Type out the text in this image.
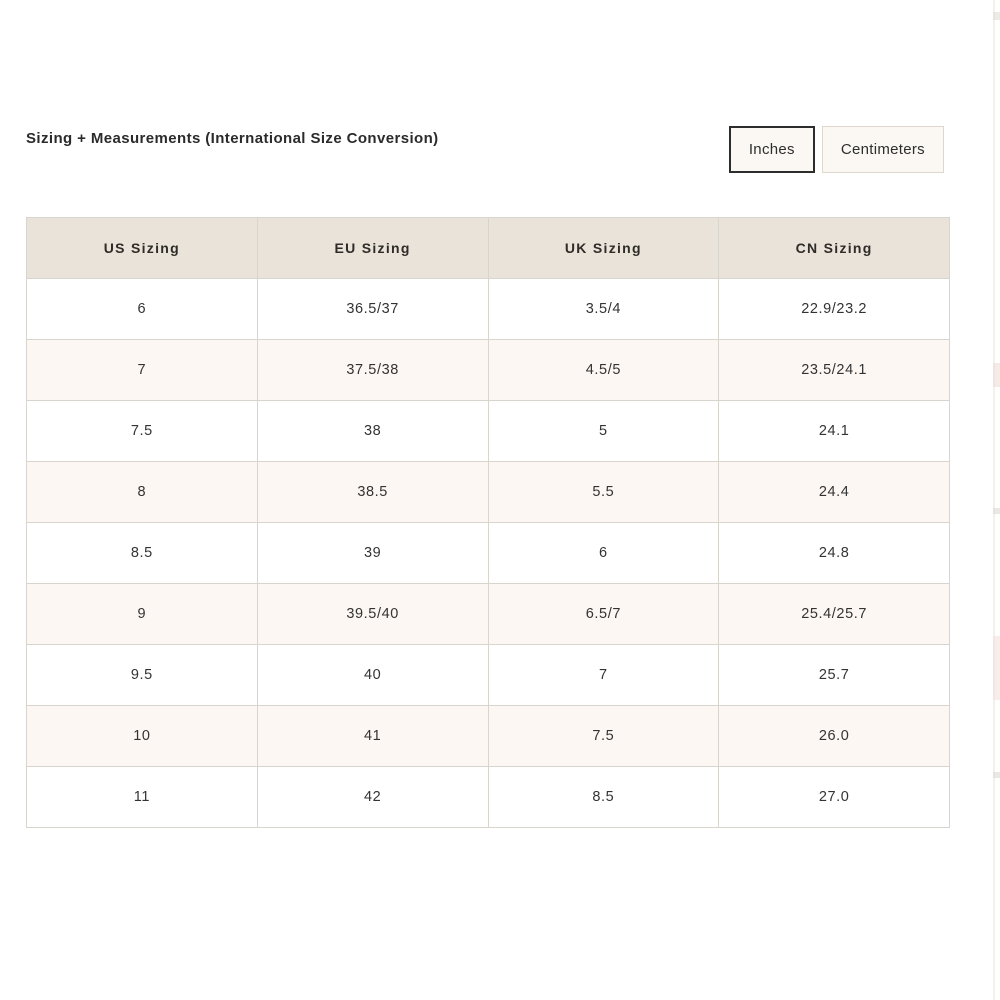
Sizing + Measurements (International Size Conversion)
Inches	Centimeters
US Sizing	EU Sizing	UK Sizing	CN Sizing
6	36.5/37	3.5/4	22.9/23.2
7	37.5/38	4.5/5	23.5/24.1
7.5	38	5	24.1
8	38.5	5.5	24.4
8.5	39	6	24.8
9	39.5/40	6.5/7	25.4/25.7
9.5	40	7	25.7
10	41	7.5	26.0
11	42	8.5	27.0
